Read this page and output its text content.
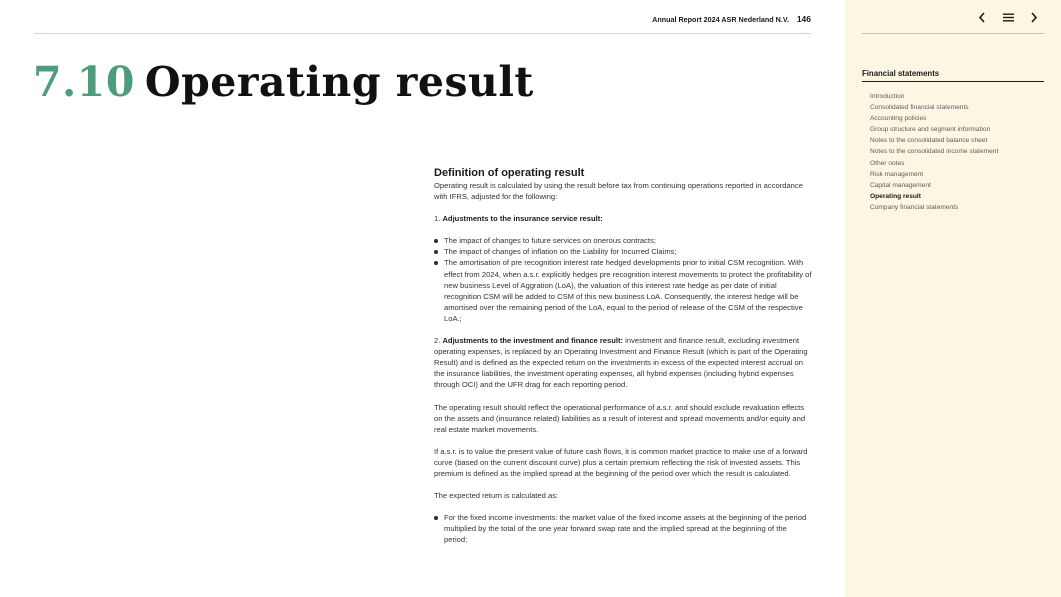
Annual Report 2024 ASR Nederland N.V. 146
7.10 Operating result
Definition of operating result

Operating result is calculated by using the result before tax from continuing operations reported in accordance with IFRS, adjusted for the following:

1. Adjustments to the insurance service result:

The impact of changes to future services on onerous contracts;
The impact of changes of inflation on the Liability for Incurred Claims;
The amortisation of pre recognition interest rate hedged developments prior to initial CSM recognition. With effect from 2024, when a.s.r. explicitly hedges pre recognition interest movements to protect the profitability of new business Level of Aggration (LoA), the valuation of this interest rate hedge as per date of initial recognition CSM will be added to CSM of this new business LoA. Consequently, the interest hedge will be amortised over the remaining period of the LoA, equal to the period of release of the CSM of the respective LoA.;

2. Adjustments to the investment and finance result: investment and finance result, excluding investment operating expenses, is replaced by an Operating Investment and Finance Result (which is part of the Operating Result) and is defined as the expected return on the investments in excess of the expected interest accrual on the insurance liabilities, the investment operating expenses, all hybrid expenses (including hybrid expenses through OCI) and the UFR drag for each reporting period.

The operating result should reflect the operational performance of a.s.r. and should exclude revaluation effects on the assets and (insurance related) liabilities as a result of interest and spread movements and/or equity and real estate market movements.

If a.s.r. is to value the present value of future cash flows, it is common market practice to make use of a forward curve (based on the current discount curve) plus a certain premium reflecting the risk of invested assets. This premium is defined as the implied spread at the beginning of the period over which the result is calculated.

The expected return is calculated as:

For the fixed income investments: the market value of the fixed income assets at the beginning of the period multiplied by the total of the one year forward swap rate and the implied spread at the beginning of the period;
Financial statements
Introduction
Consolidated financial statements
Accounting policies
Group structure and segment information
Notes to the consolidated balance sheet
Notes to the consolidated income statement
Other notes
Risk management
Capital management
Operating result
Company financial statements
